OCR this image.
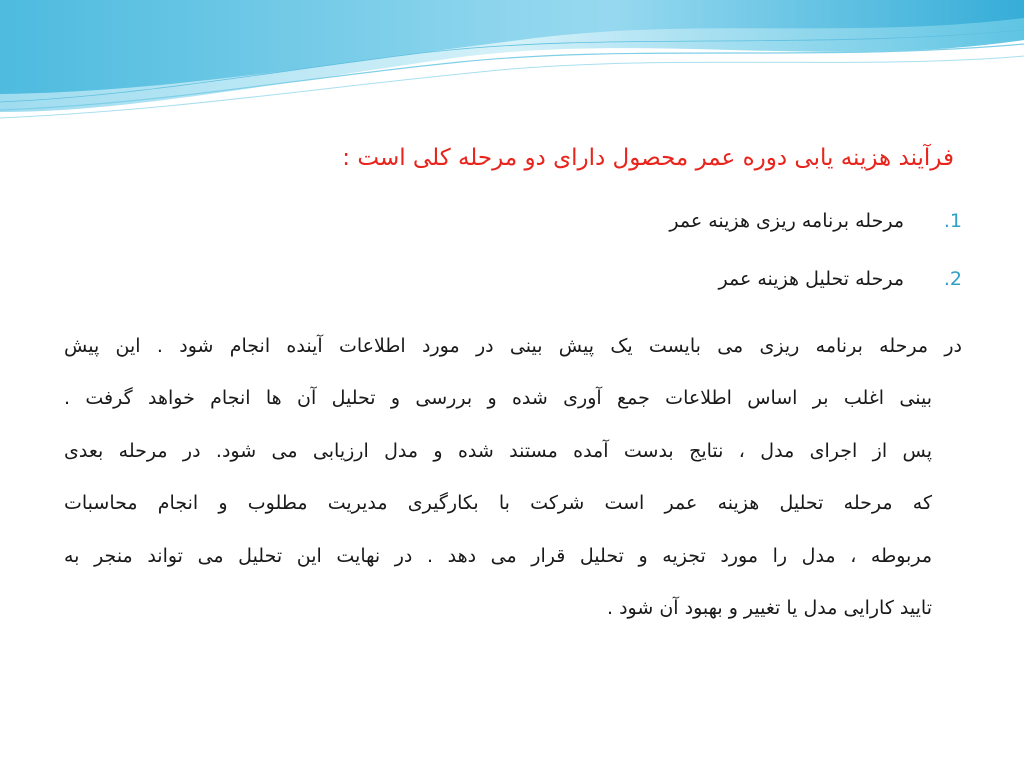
فرآیند هزینه یابی دوره عمر محصول دارای دو مرحله کلی است :
1.مرحله برنامه ریزی هزینه عمر
2.مرحله تحلیل هزینه عمر
در مرحله برنامه ریزی می بایست یک پیش بینی در مورد اطلاعات آینده انجام شود . این پیش
بینی اغلب بر اساس اطلاعات جمع آوری شده و بررسی و تحلیل آن ها انجام خواهد گرفت .
پس از اجرای مدل ، نتایج بدست آمده مستند شده و مدل ارزیابی می شود. در مرحله بعدی
که مرحله تحلیل هزینه عمر است شرکت با بکارگیری مدیریت مطلوب و انجام محاسبات
مربوطه ، مدل را مورد تجزیه و تحلیل قرار می دهد . در نهایت این تحلیل می تواند منجر به
تایید کارایی مدل یا تغییر و بهبود آن شود .
